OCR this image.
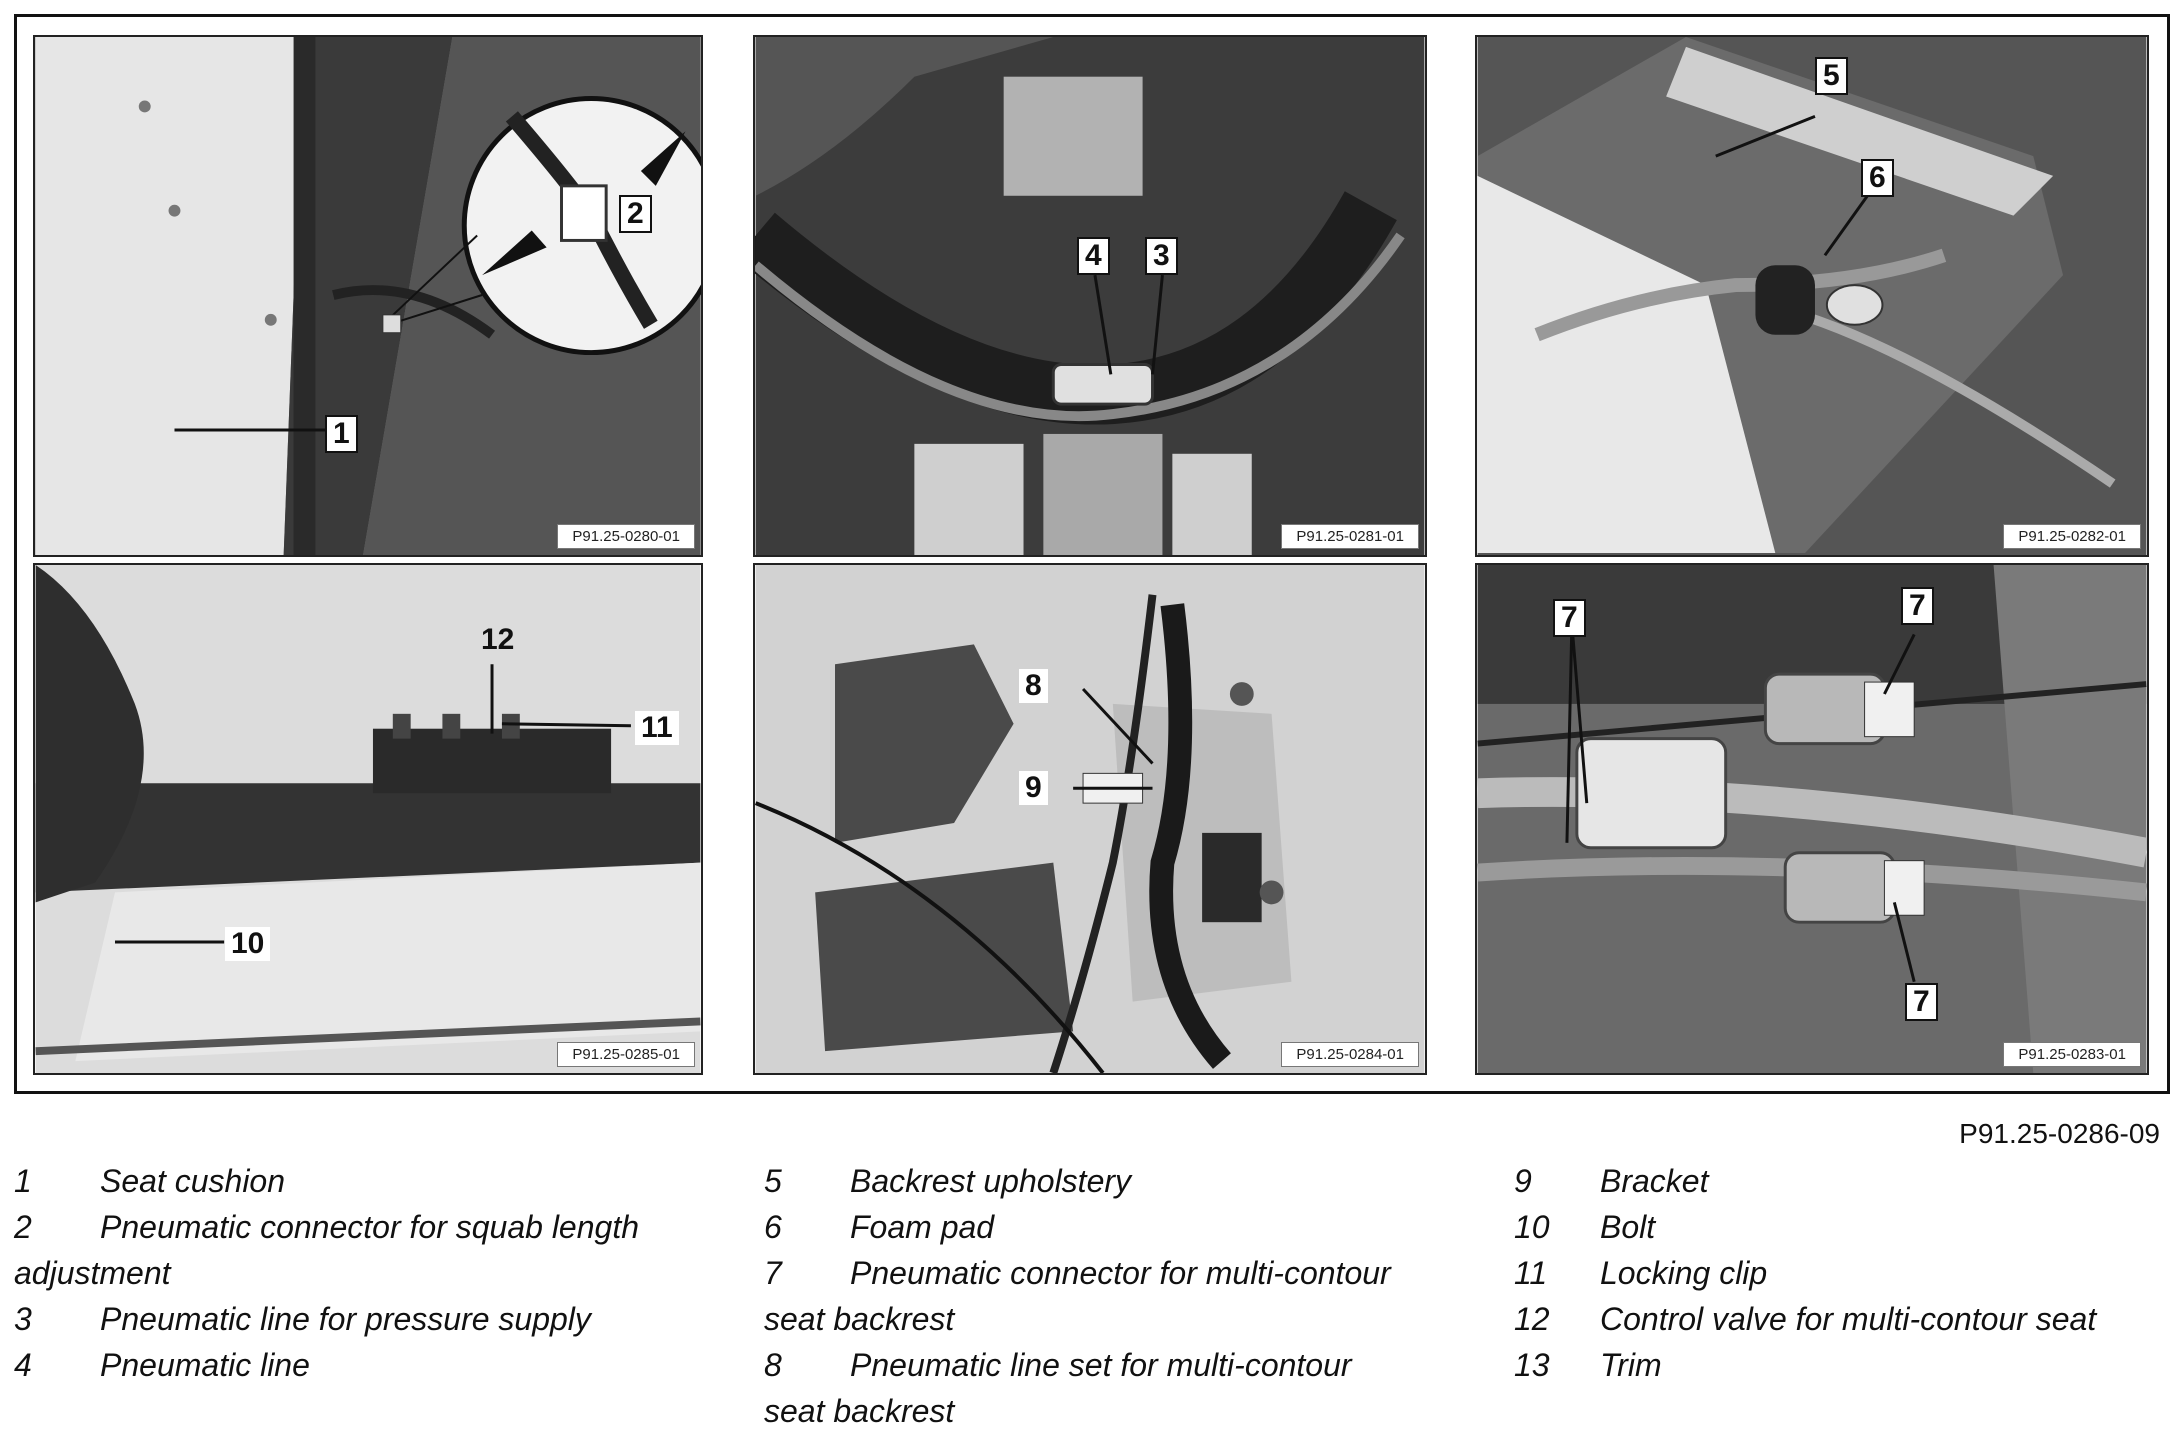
1
2
P91.25-0280-01
4 3
P91.25-0281-01
5
6
P91.25-0282-01
12
11
10
P91.25-0285-01
8
9
P91.25-0284-01
7	7
7
P91.25-0283-01
P91.25-0286-09
1 Seat cushion
2 Pneumatic connector for squab length
adjustment
3 Pneumatic line for pressure supply
4 Pneumatic line
5 Backrest upholstery
6 Foam pad
7 Pneumatic connector for multi-contour
seat backrest
8 Pneumatic line set for multi-contour
seat backrest
9 Bracket
10 Bolt
11 Locking clip
12 Control valve for multi-contour seat
13 Trim
